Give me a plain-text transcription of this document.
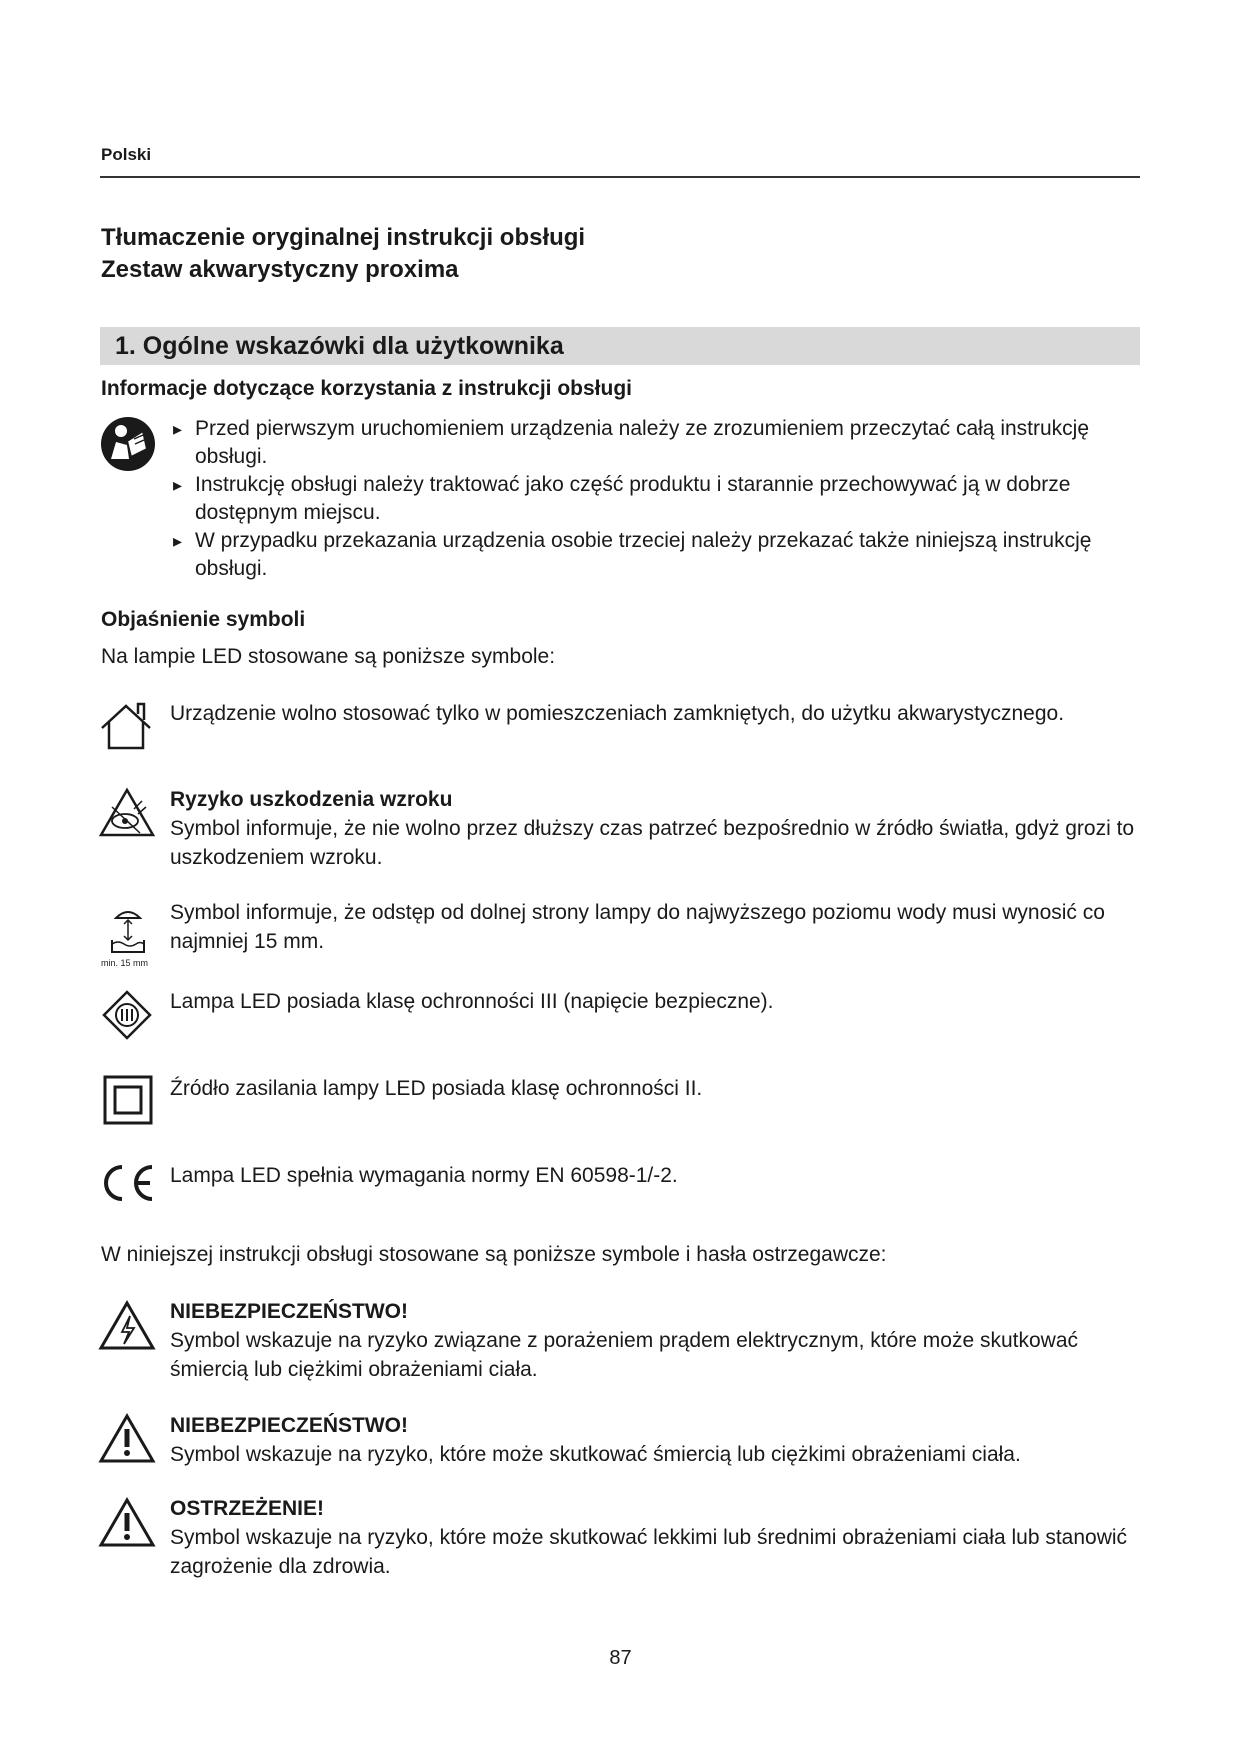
Polski
Tłumaczenie oryginalnej instrukcji obsługi
Zestaw akwarystyczny proxima
1. Ogólne wskazówki dla użytkownika
Informacje dotyczące korzystania z instrukcji obsługi
▸ Przed pierwszym uruchomieniem urządzenia należy ze zrozumieniem przeczytać całą instrukcję obsługi.
▸ Instrukcję obsługi należy traktować jako część produktu i starannie przechowywać ją w dobrze dostępnym miejscu.
▸ W przypadku przekazania urządzenia osobie trzeciej należy przekazać także niniejszą instrukcję obsługi.
Objaśnienie symboli
Na lampie LED stosowane są poniższe symbole:
Urządzenie wolno stosować tylko w pomieszczeniach zamkniętych, do użytku akwarystycznego.
Ryzyko uszkodzenia wzroku
Symbol informuje, że nie wolno przez dłuższy czas patrzeć bezpośrednio w źródło światła, gdyż grozi to uszkodzeniem wzroku.
min. 15 mm
Symbol informuje, że odstęp od dolnej strony lampy do najwyższego poziomu wody musi wynosić co najmniej 15 mm.
Lampa LED posiada klasę ochronności III (napięcie bezpieczne).
Źródło zasilania lampy LED posiada klasę ochronności II.
Lampa LED spełnia wymagania normy EN 60598-1/-2.
W niniejszej instrukcji obsługi stosowane są poniższe symbole i hasła ostrzegawcze:
NIEBEZPIECZEŃSTWO!
Symbol wskazuje na ryzyko związane z porażeniem prądem elektrycznym, które może skutkować śmiercią lub ciężkimi obrażeniami ciała.
NIEBEZPIECZEŃSTWO!
Symbol wskazuje na ryzyko, które może skutkować śmiercią lub ciężkimi obrażeniami ciała.
OSTRZEŻENIE!
Symbol wskazuje na ryzyko, które może skutkować lekkimi lub średnimi obrażeniami ciała lub stanowić zagrożenie dla zdrowia.
87
